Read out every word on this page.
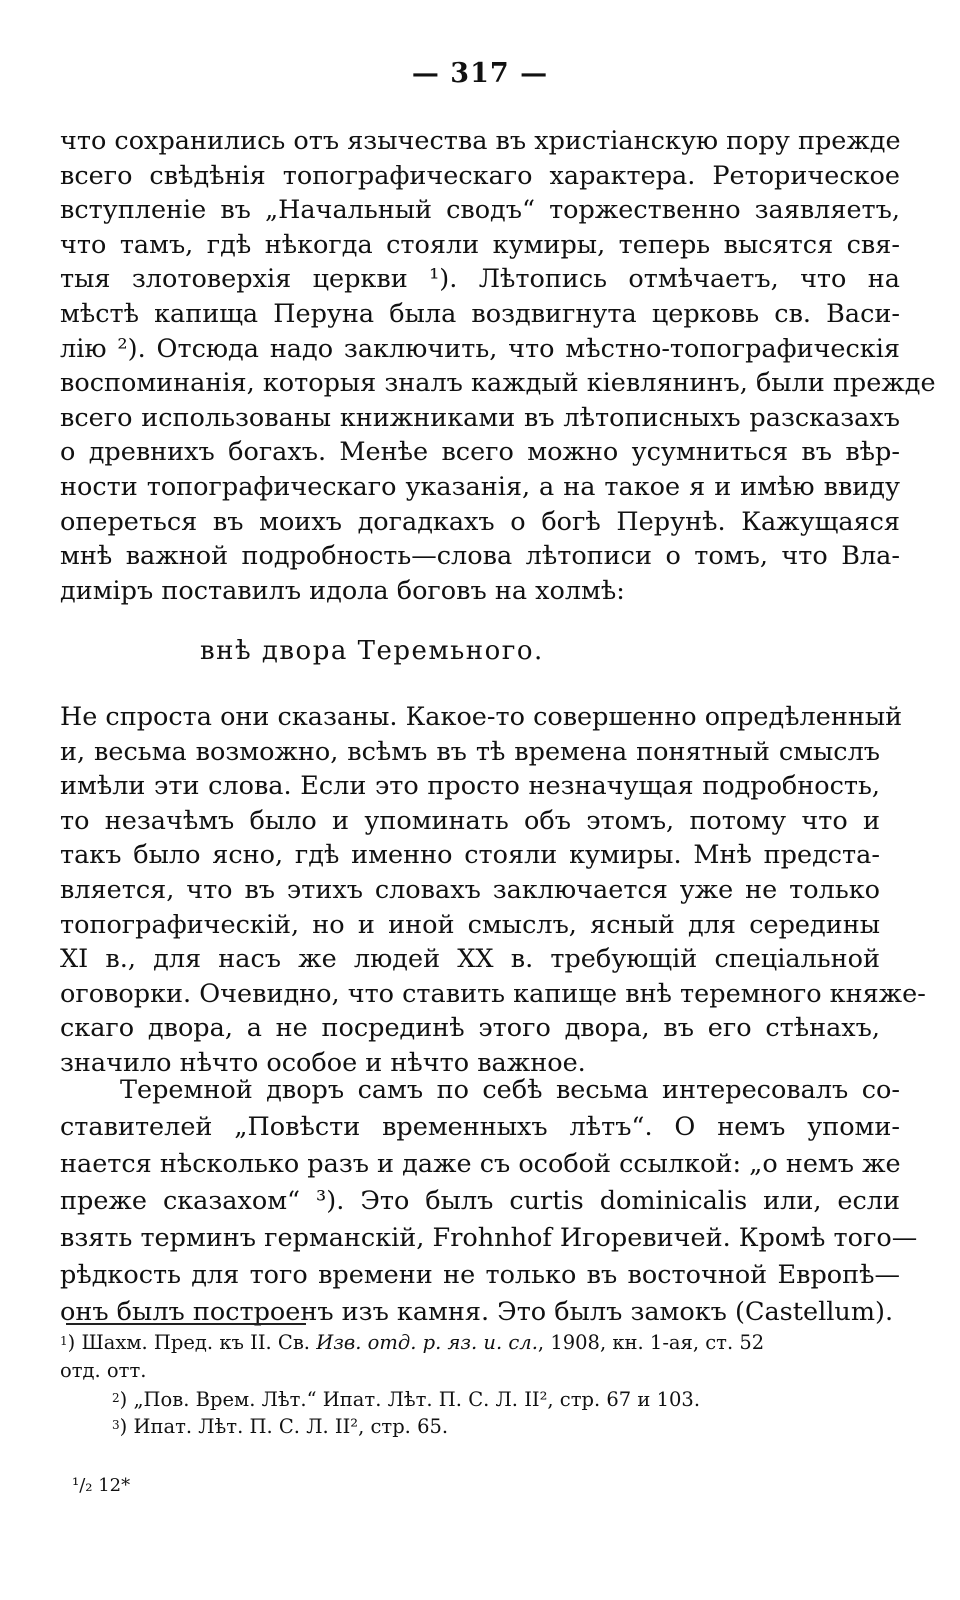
— 317 —
что сохранились отъ язычества въ христіанскую пору прежде
всего свѣдѣнія топографическаго характера. Реторическое
вступленіе въ „Начальный сводъ“ торжественно заявляетъ,
что тамъ, гдѣ нѣкогда стояли кумиры, теперь высятся свя-
тыя злотоверхія церкви ¹). Лѣтопись отмѣчаетъ, что на
мѣстѣ капища Перуна была воздвигнута церковь св. Васи-
лію ²). Отсюда надо заключить, что мѣстно-топографическія
воспоминанія, которыя зналъ каждый кіевлянинъ, были прежде
всего использованы книжниками въ лѣтописныхъ разсказахъ
о древнихъ богахъ. Менѣе всего можно усумниться въ вѣр-
ности топографическаго указанія, а на такое я и имѣю ввиду
опереться въ моихъ догадкахъ о богѣ Перунѣ. Кажущаяся
мнѣ важной подробность—слова лѣтописи о томъ, что Вла-
диміръ поставилъ идола боговъ на холмѣ:
внѣ двора Теремьного.
Не спроста они сказаны. Какое-то совершенно опредѣленный
и, весьма возможно, всѣмъ въ тѣ времена понятный смыслъ
имѣли эти слова. Если это просто незначущая подробность,
то незачѣмъ было и упоминать объ этомъ, потому что и
такъ было ясно, гдѣ именно стояли кумиры. Мнѣ предста-
вляется, что въ этихъ словахъ заключается уже не только
топографическій, но и иной смыслъ, ясный для середины
XI в., для насъ же людей XX в. требующій спеціальной
оговорки. Очевидно, что ставить капище внѣ теремного княже-
скаго двора, а не посрединѣ этого двора, въ его стѣнахъ,
значило нѣчто особое и нѣчто важное.
Теремной дворъ самъ по себѣ весьма интересовалъ со-
ставителей „Повѣсти временныхъ лѣтъ“. О немъ упоми-
нается нѣсколько разъ и даже съ особой ссылкой: „о немъ же
преже сказахом“ ³). Это былъ curtis dominicalis или, если
взять терминъ германскій, Frohnhof Игоревичей. Кромѣ того—
рѣдкость для того времени не только въ восточной Европѣ—
онъ былъ построенъ изъ камня. Это былъ замокъ (Castellum).
$^1$) Шахм. Пред. къ II. Св. Изв. отд. р. яз. и. сл., 1908, кн. 1-ая, ст. 52
отд. отт.
$^2$) „Пов. Врем. Лѣт.“ Ипат. Лѣт. П. С. Л. II², стр. 67 и 103.
$^3$) Ипат. Лѣт. П. С. Л. II², стр. 65.
¹/₂ 12*
